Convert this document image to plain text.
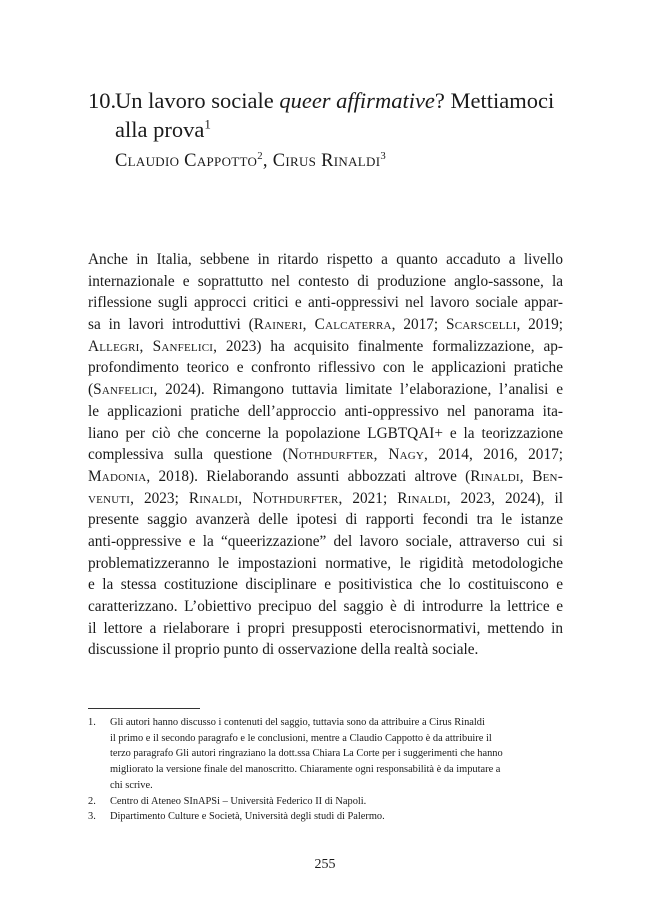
10.Un lavoro sociale queer affirmative? Mettiamoci
alla prova$^1$
Claudio Cappotto$^2$, Cirus Rinaldi$^3$
Anche in Italia, sebbene in ritardo rispetto a quanto accaduto a livello
internazionale e soprattutto nel contesto di produzione anglo-sassone, la
riflessione sugli approcci critici e anti-oppressivi nel lavoro sociale appar-
sa in lavori introduttivi (Raineri, Calcaterra, 2017; Scarscelli, 2019;
Allegri, Sanfelici, 2023) ha acquisito finalmente formalizzazione, ap-
profondimento teorico e confronto riflessivo con le applicazioni pratiche
(Sanfelici, 2024). Rimangono tuttavia limitate l’elaborazione, l’analisi e
le applicazioni pratiche dell’approccio anti-oppressivo nel panorama ita-
liano per ciò che concerne la popolazione LGBTQAI+ e la teorizzazione
complessiva sulla questione (Nothdurfter, Nagy, 2014, 2016, 2017;
Madonia, 2018). Rielaborando assunti abbozzati altrove (Rinaldi, Ben-
venuti, 2023; Rinaldi, Nothdurfter, 2021; Rinaldi, 2023, 2024), il
presente saggio avanzerà delle ipotesi di rapporti fecondi tra le istanze
anti-oppressive e la “queerizzazione” del lavoro sociale, attraverso cui si
problematizzeranno le impostazioni normative, le rigidità metodologiche
e la stessa costituzione disciplinare e positivistica che lo costituiscono e
caratterizzano. L’obiettivo precipuo del saggio è di introdurre la lettrice e
il lettore a rielaborare i propri presupposti eterocisnormativi, mettendo in
discussione il proprio punto di osservazione della realtà sociale.
1. Gli autori hanno discusso i contenuti del saggio, tuttavia sono da attribuire a Cirus Rinaldi
il primo e il secondo paragrafo e le conclusioni, mentre a Claudio Cappotto è da attribuire il
terzo paragrafo Gli autori ringraziano la dott.ssa Chiara La Corte per i suggerimenti che hanno
migliorato la versione finale del manoscritto. Chiaramente ogni responsabilità è da imputare a
chi scrive.
2. Centro di Ateneo SInAPSi – Università Federico II di Napoli.
3. Dipartimento Culture e Società, Università degli studi di Palermo.
255
